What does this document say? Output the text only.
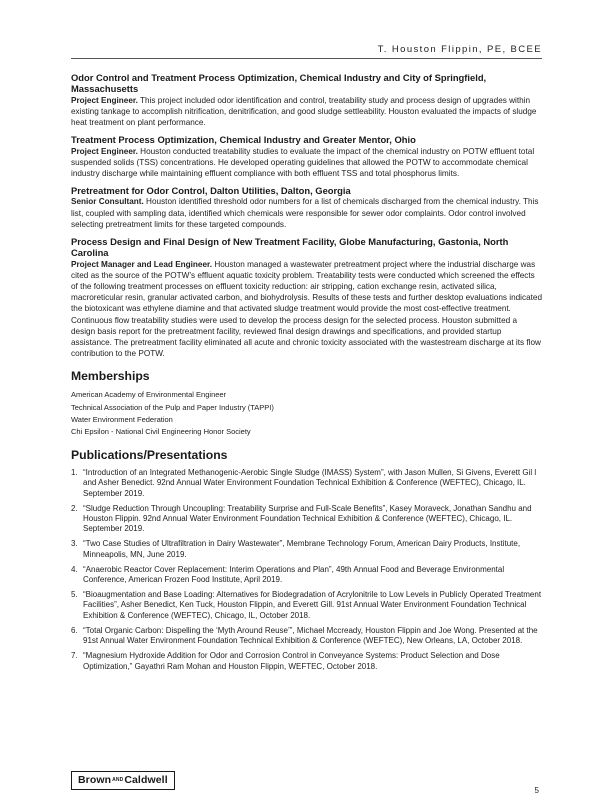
T. Houston Flippin, PE, BCEE
Odor Control and Treatment Process Optimization, Chemical Industry and City of Springfield, Massachusetts
Project Engineer. This project included odor identification and control, treatability study and process design of upgrades within existing tankage to accomplish nitrification, denitrification, and good sludge settleability. Houston evaluated the impacts of sludge heat treatment on plant performance.
Treatment Process Optimization, Chemical Industry and Greater Mentor, Ohio
Project Engineer. Houston conducted treatability studies to evaluate the impact of the chemical industry on POTW effluent total suspended solids (TSS) concentrations. He developed operating guidelines that allowed the POTW to accommodate chemical industry discharge while maintaining effluent compliance with both effluent TSS and total phosphorus limits.
Pretreatment for Odor Control, Dalton Utilities, Dalton, Georgia
Senior Consultant. Houston identified threshold odor numbers for a list of chemicals discharged from the chemical industry. This list, coupled with sampling data, identified which chemicals were responsible for sewer odor complaints. Odor control involved selecting pretreatment limits for these targeted compounds.
Process Design and Final Design of New Treatment Facility, Globe Manufacturing, Gastonia, North Carolina
Project Manager and Lead Engineer. Houston managed a wastewater pretreatment project where the industrial discharge was cited as the source of the POTW’s effluent aquatic toxicity problem. Treatability tests were conducted which screened the effects of the following treatment processes on effluent toxicity reduction: air stripping, cation exchange resin, activated silica, macroreticular resin, granular activated carbon, and biohydrolysis. Results of these tests and further desktop evaluations indicated the biotoxicant was ethylene diamine and that activated sludge treatment would provide the most cost-effective treatment. Continuous flow treatability studies were used to develop the process design for the selected process. Houston submitted a design basis report for the pretreatment facility, reviewed final design drawings and specifications, and provided startup assistance. The pretreatment facility eliminated all acute and chronic toxicity associated with the wastestream discharge at its flow contribution to the POTW.
Memberships
American Academy of Environmental Engineer
Technical Association of the Pulp and Paper Industry (TAPPI)
Water Environment Federation
Chi Epsilon - National Civil Engineering Honor Society
Publications/Presentations
1. “Introduction of an Integrated Methanogenic-Aerobic Single Sludge (IMASS) System”, with Jason Mullen, Si Givens, Everett Gil l and Asher Benedict. 92nd Annual Water Environment Foundation Technical Exhibition & Conference (WEFTEC), Chicago, IL. September 2019.
2. “Sludge Reduction Through Uncoupling: Treatability Surprise and Full-Scale Benefits”, Kasey Moraveck, Jonathan Sandhu and Houston Flippin. 92nd Annual Water Environment Foundation Technical Exhibition & Conference (WEFTEC), Chicago, IL. September 2019.
3. “Two Case Studies of Ultrafiltration in Dairy Wastewater”, Membrane Technology Forum, American Dairy Products, Institute, Minneapolis, MN, June 2019.
4. “Anaerobic Reactor Cover Replacement: Interim Operations and Plan”, 49th Annual Food and Beverage Environmental Conference, American Frozen Food Institute, April 2019.
5. “Bioaugmentation and Base Loading: Alternatives for Biodegradation of Acrylonitrile to Low Levels in Publicly Operated Treatment Facilities”, Asher Benedict, Ken Tuck, Houston Flippin, and Everett Gill. 91st Annual Water Environment Foundation Technical Exhibition & Conference (WEFTEC), Chicago, IL, October 2018.
6. “Total Organic Carbon: Dispelling the ‘Myth Around Reuse’”, Michael Mccready, Houston Flippin and Joe Wong. Presented at the 91st Annual Water Environment Foundation Technical Exhibition & Conference (WEFTEC), New Orleans, LA, October 2018.
7. “Magnesium Hydroxide Addition for Odor and Corrosion Control in Conveyance Systems: Product Selection and Dose Optimization,” Gayathri Ram Mohan and Houston Flippin, WEFTEC, October 2018.
BrownANDCaldwell
5
